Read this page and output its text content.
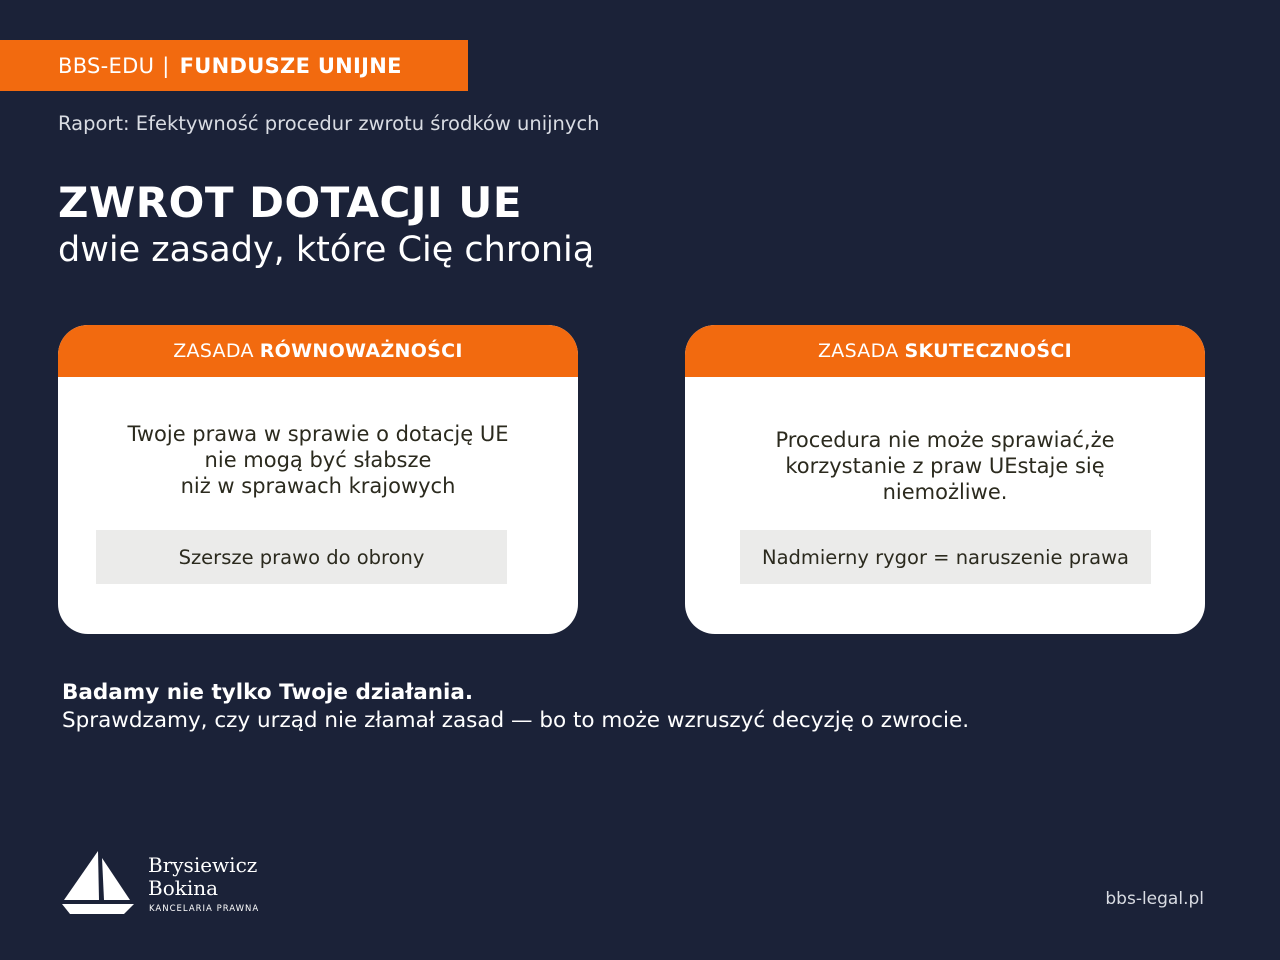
BBS-EDU | FUNDUSZE UNIJNE
Raport: Efektywność procedur zwrotu środków unijnych
ZWROT DOTACJI UE
dwie zasady, które Cię chronią
ZASADA RÓWNOWAŻNOŚCI
Twoje prawa w sprawie o dotację UE
nie mogą być słabsze
niż w sprawach krajowych
Szersze prawo do obrony
ZASADA SKUTECZNOŚCI
Procedura nie może sprawiać,że
korzystanie z praw UEstaje się
niemożliwe.
Nadmierny rygor = naruszenie prawa
Badamy nie tylko Twoje działania.
Sprawdzamy, czy urząd nie złamał zasad — bo to może wzruszyć decyzję o zwrocie.
Brysiewicz
Bokina
KANCELARIA PRAWNA	bbs-legal.pl
